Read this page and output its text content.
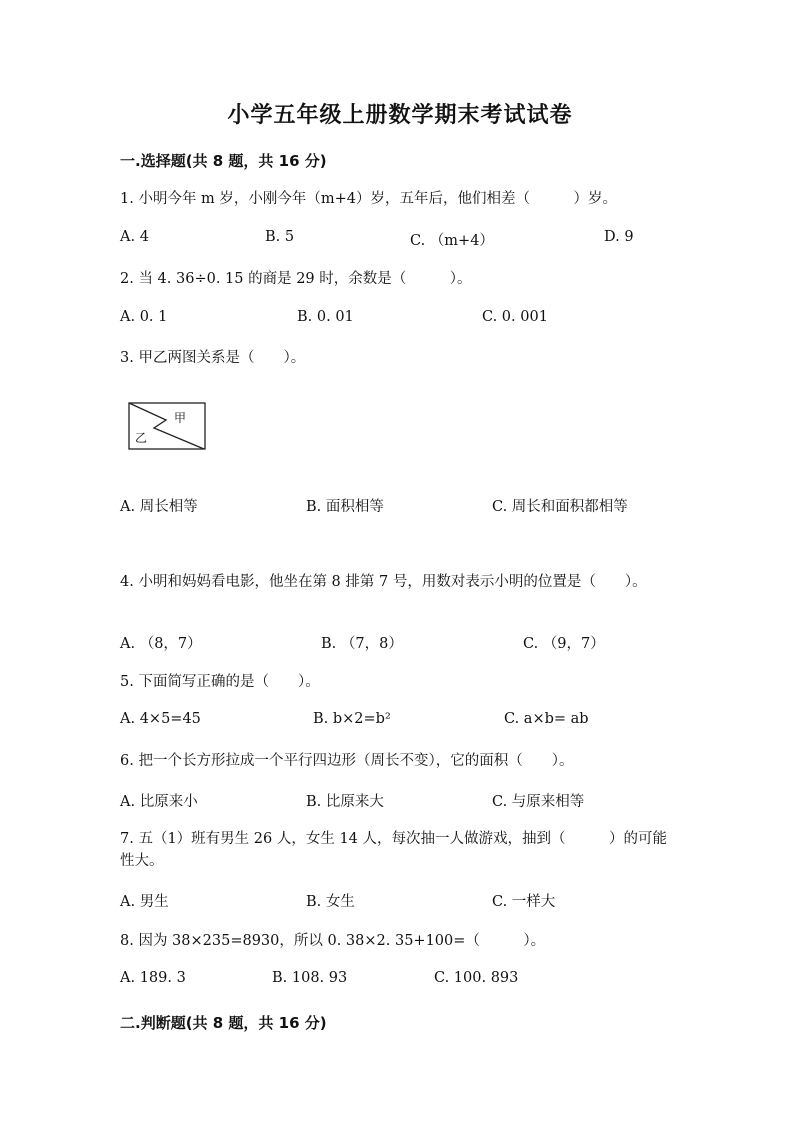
小学五年级上册数学期末考试试卷
一.选择题(共 8 题，共 16 分)
1. 小明今年 m 岁，小刚今年（m+4）岁，五年后，他们相差（　　　）岁。
A. 4	B. 5	C. （m+4）	D. 9
2. 当 4. 36÷0. 15 的商是 29 时，余数是（　　　）。
A. 0. 1	B. 0. 01	C. 0. 001
3. 甲乙两图关系是（　　）。
甲
乙
A. 周长相等	B. 面积相等	C. 周长和面积都相等
4. 小明和妈妈看电影，他坐在第 8 排第 7 号，用数对表示小明的位置是（　　）。
A. （8，7）	B. （7，8）	C. （9，7）
5. 下面简写正确的是（　　）。
A. 4×5=45	B. b×2=b²	C. a×b= ab
6. 把一个长方形拉成一个平行四边形（周长不变），它的面积（　　）。
A. 比原来小	B. 比原来大	C. 与原来相等
7. 五（1）班有男生 26 人，女生 14 人，每次抽一人做游戏，抽到（　　　）的可能性大。
A. 男生	B. 女生	C. 一样大
8. 因为 38×235=8930，所以 0. 38×2. 35+100=（　　　）。
A. 189. 3	B. 108. 93	C. 100. 893
二.判断题(共 8 题，共 16 分)
